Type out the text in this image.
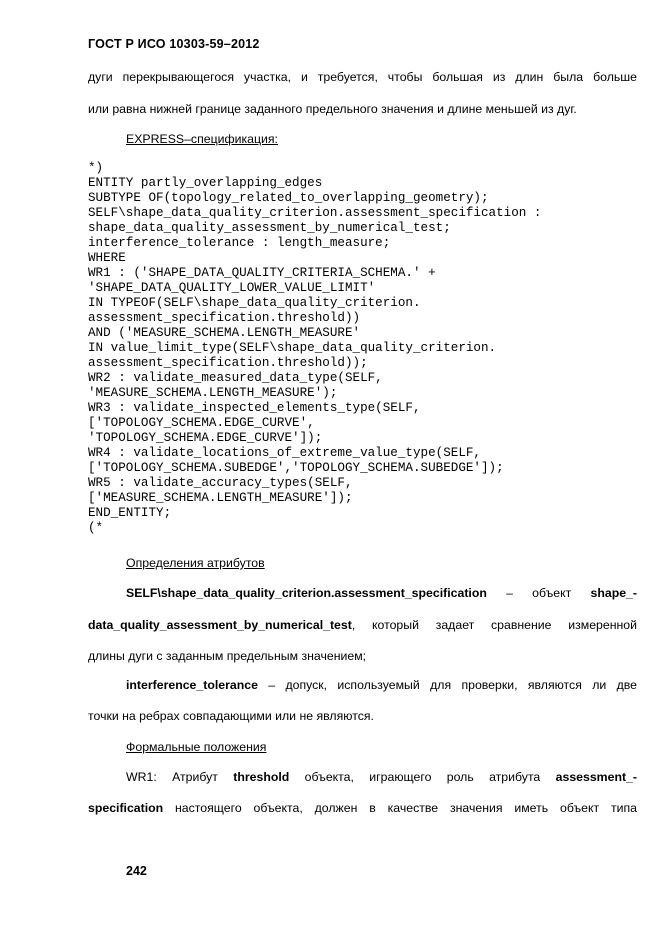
ГОСТ Р ИСО 10303-59–2012
дуги перекрывающегося участка, и требуется, чтобы большая из длин была больше
или равна нижней границе заданного предельного значения и длине меньшей из дуг.
EXPRESS–спецификация:
*)
ENTITY partly_overlapping_edges
SUBTYPE OF(topology_related_to_overlapping_geometry);
SELF\shape_data_quality_criterion.assessment_specification :
shape_data_quality_assessment_by_numerical_test;
interference_tolerance : length_measure;
WHERE
WR1 : ('SHAPE_DATA_QUALITY_CRITERIA_SCHEMA.' +
'SHAPE_DATA_QUALITY_LOWER_VALUE_LIMIT'
IN TYPEOF(SELF\shape_data_quality_criterion.
assessment_specification.threshold))
AND ('MEASURE_SCHEMA.LENGTH_MEASURE'
IN value_limit_type(SELF\shape_data_quality_criterion.
assessment_specification.threshold));
WR2 : validate_measured_data_type(SELF,
'MEASURE_SCHEMA.LENGTH_MEASURE');
WR3 : validate_inspected_elements_type(SELF,
['TOPOLOGY_SCHEMA.EDGE_CURVE',
'TOPOLOGY_SCHEMA.EDGE_CURVE']);
WR4 : validate_locations_of_extreme_value_type(SELF,
['TOPOLOGY_SCHEMA.SUBEDGE','TOPOLOGY_SCHEMA.SUBEDGE']);
WR5 : validate_accuracy_types(SELF,
['MEASURE_SCHEMA.LENGTH_MEASURE']);
END_ENTITY;
(*
Определения атрибутов
SELF\shape_data_quality_criterion.assessment_specification – объект shape_-
data_quality_assessment_by_numerical_test, который задает сравнение измеренной
длины дуги с заданным предельным значением;
interference_tolerance – допуск, используемый для проверки, являются ли две
точки на ребрах совпадающими или не являются.
Формальные положения
WR1: Атрибут threshold объекта, играющего роль атрибута assessment_-
specification настоящего объекта, должен в качестве значения иметь объект типа
242
